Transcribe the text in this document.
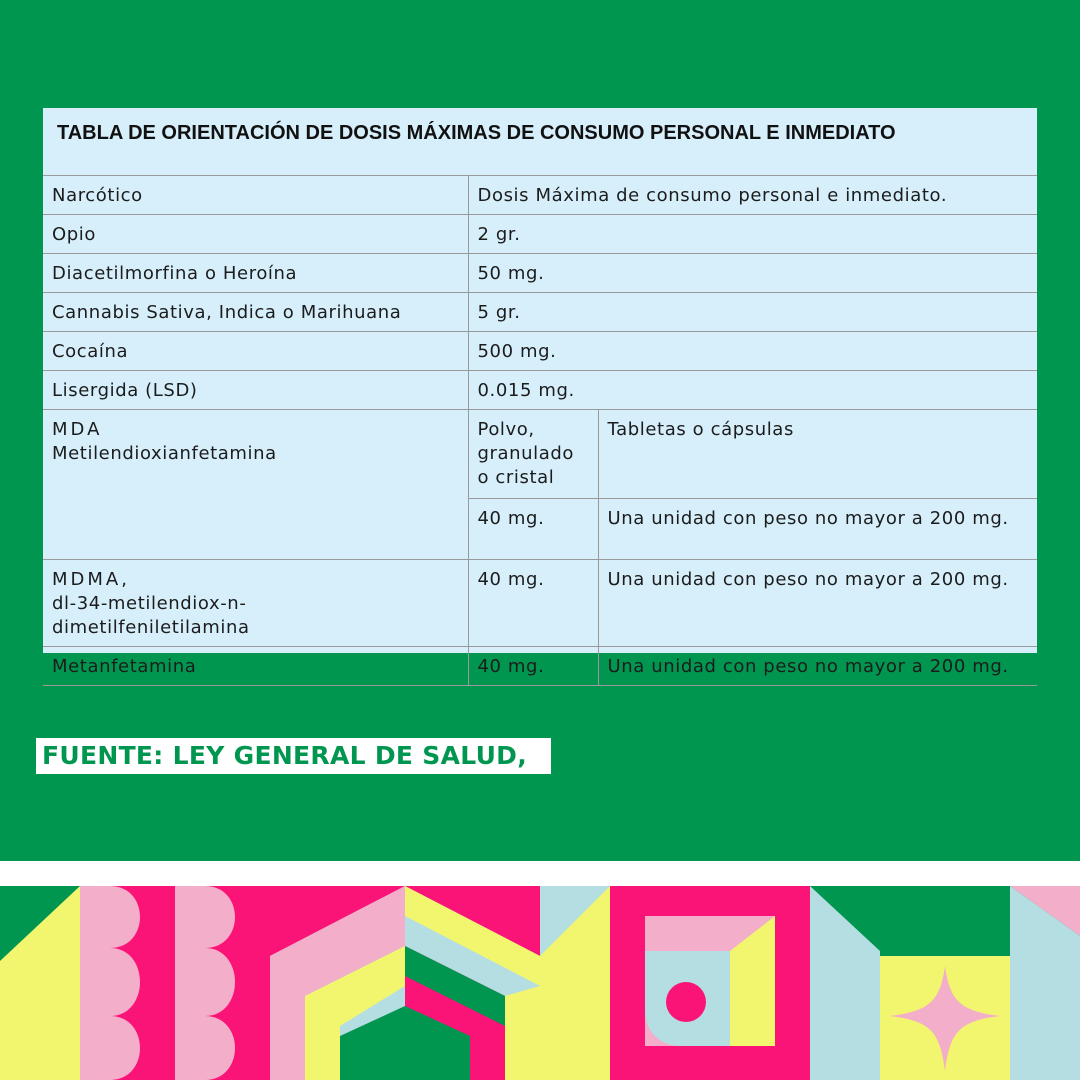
TABLA DE ORIENTACIÓN DE DOSIS MÁXIMAS DE CONSUMO PERSONAL E INMEDIATO		
Narcótico	Dosis Máxima de consumo personal e inmediato.	
Opio	2 gr.	
Diacetilmorfina o Heroína	50 mg.	
Cannabis Sativa, Indica o Marihuana	5 gr.	
Cocaína	500 mg.	
Lisergida (LSD)	0.015 mg.	

MDA
Metilendioxianfetamina	Polvo, granulado o cristal	Tabletas o cápsulas
	40 mg.	Una unidad con peso no mayor a 200 mg.

MDMA,
dl-34-metilendiox-n-
dimetilfeniletilamina	40 mg.	Una unidad con peso no mayor a 200 mg.
Metanfetamina	40 mg.	Una unidad con peso no mayor a 200 mg.
FUENTE: LEY GENERAL DE SALUD, 2010
